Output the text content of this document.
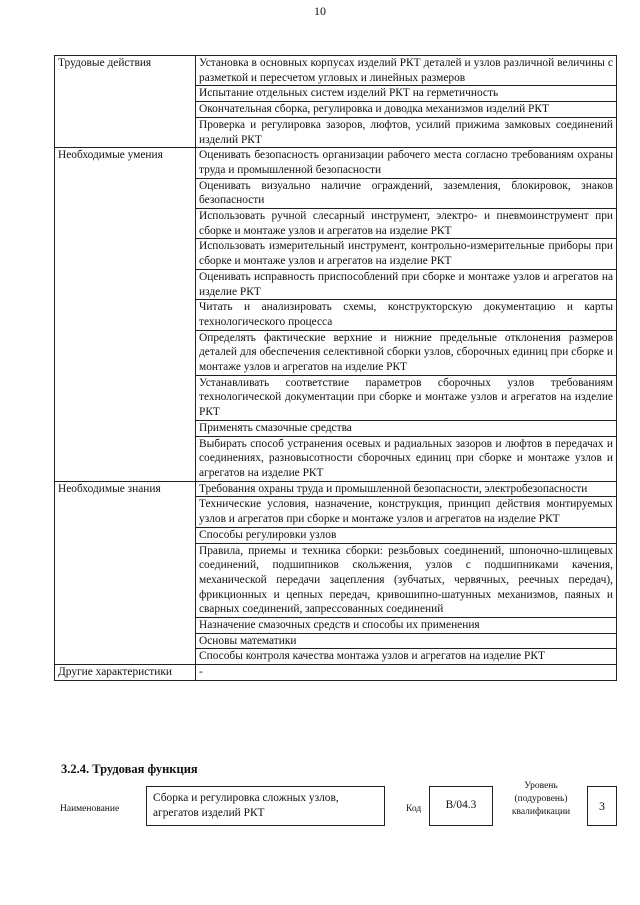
10
Трудовые действия	Установка в основных корпусах изделий РКТ деталей и узлов различной величины с разметкой и пересчетом угловых и линейных размеров
	Испытание отдельных систем изделий РКТ на герметичность
	Окончательная сборка, регулировка и доводка механизмов изделий РКТ
	Проверка и регулировка зазоров, люфтов, усилий прижима замковых соединений изделий РКТ
Необходимые умения	Оценивать безопасность организации рабочего места согласно требованиям охраны труда и промышленной безопасности
	Оценивать визуально наличие ограждений, заземления, блокировок, знаков безопасности
	Использовать ручной слесарный инструмент, электро- и пневмоинструмент при сборке и монтаже узлов и агрегатов на изделие РКТ
	Использовать измерительный инструмент, контрольно-измерительные приборы при сборке и монтаже узлов и агрегатов на изделие РКТ
	Оценивать исправность приспособлений при сборке и монтаже узлов и агрегатов на изделие РКТ
	Читать и анализировать схемы, конструкторскую документацию и карты технологического процесса
	Определять фактические верхние и нижние предельные отклонения размеров деталей для обеспечения селективной сборки узлов, сборочных единиц при сборке и монтаже узлов и агрегатов на изделие РКТ
	Устанавливать соответствие параметров сборочных узлов требованиям технологической документации при сборке и монтаже узлов и агрегатов на изделие РКТ
	Применять смазочные средства
	Выбирать способ устранения осевых и радиальных зазоров и люфтов в передачах и соединениях, разновысотности сборочных единиц при сборке и монтаже узлов и агрегатов на изделие РКТ
Необходимые знания	Требования охраны труда и промышленной безопасности, электробезопасности
	Технические условия, назначение, конструкция, принцип действия монтируемых узлов и агрегатов при сборке и монтаже узлов и агрегатов на изделие РКТ
	Способы регулировки узлов
	Правила, приемы и техника сборки: резьбовых соединений, шпоночно-шлицевых соединений, подшипников скольжения, узлов с подшипниками качения, механической передачи зацепления (зубчатых, червячных, реечных передач), фрикционных и цепных передач, кривошипно-шатунных механизмов, паяных и сварных соединений, запрессованных соединений
	Назначение смазочных средств и способы их применения
	Основы математики
	Способы контроля качества монтажа узлов и агрегатов на изделие РКТ
Другие характеристики	-
3.2.4. Трудовая функция
Наименование
Сборка и регулировка сложных узлов, агрегатов изделий РКТ	Код	В/04.3
Уровень (подуровень) квалификации	3
